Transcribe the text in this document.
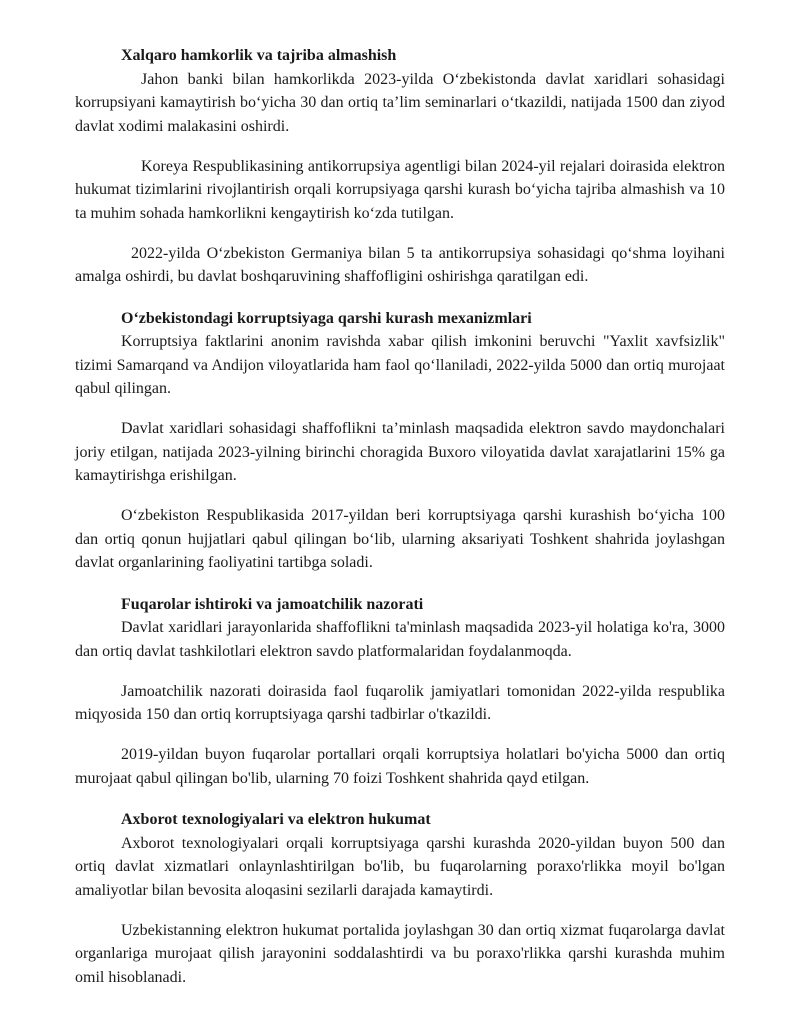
Xalqaro hamkorlik va tajriba almashish

Jahon banki bilan hamkorlikda 2023-yilda O‘zbekistonda davlat xaridlari sohasidagi korrupsiyani kamaytirish bo‘yicha 30 dan ortiq ta’lim seminarlari o‘tkazildi, natijada 1500 dan ziyod davlat xodimi malakasini oshirdi.

Koreya Respublikasining antikorrupsiya agentligi bilan 2024-yil rejalari doirasida elektron hukumat tizimlarini rivojlantirish orqali korrupsiyaga qarshi kurash bo‘yicha tajriba almashish va 10 ta muhim sohada hamkorlikni kengaytirish ko‘zda tutilgan.

2022-yilda O‘zbekiston Germaniya bilan 5 ta antikorrupsiya sohasidagi qo‘shma loyihani amalga oshirdi, bu davlat boshqaruvining shaffofligini oshirishga qaratilgan edi.

O‘zbekistondagi korruptsiyaga qarshi kurash mexanizmlari

Korruptsiya faktlarini anonim ravishda xabar qilish imkonini beruvchi "Yaxlit xavfsizlik" tizimi Samarqand va Andijon viloyatlarida ham faol qo‘llaniladi, 2022-yilda 5000 dan ortiq murojaat qabul qilingan.

Davlat xaridlari sohasidagi shaffoflikni ta’minlash maqsadida elektron savdo maydonchalari joriy etilgan, natijada 2023-yilning birinchi choragida Buxoro viloyatida davlat xarajatlarini 15% ga kamaytirishga erishilgan.

O‘zbekiston Respublikasida 2017-yildan beri korruptsiyaga qarshi kurashish bo‘yicha 100 dan ortiq qonun hujjatlari qabul qilingan bo‘lib, ularning aksariyati Toshkent shahrida joylashgan davlat organlarining faoliyatini tartibga soladi.

Fuqarolar ishtiroki va jamoatchilik nazorati

Davlat xaridlari jarayonlarida shaffoflikni ta'minlash maqsadida 2023-yil holatiga ko'ra, 3000 dan ortiq davlat tashkilotlari elektron savdo platformalaridan foydalanmoqda.

Jamoatchilik nazorati doirasida faol fuqarolik jamiyatlari tomonidan 2022-yilda respublika miqyosida 150 dan ortiq korruptsiyaga qarshi tadbirlar o'tkazildi.

2019-yildan buyon fuqarolar portallari orqali korruptsiya holatlari bo'yicha 5000 dan ortiq murojaat qabul qilingan bo'lib, ularning 70 foizi Toshkent shahrida qayd etilgan.

Axborot texnologiyalari va elektron hukumat

Axborot texnologiyalari orqali korruptsiyaga qarshi kurashda 2020-yildan buyon 500 dan ortiq davlat xizmatlari onlaynlashtirilgan bo'lib, bu fuqarolarning poraxo'rlikka moyil bo'lgan amaliyotlar bilan bevosita aloqasini sezilarli darajada kamaytirdi.

Uzbekistanning elektron hukumat portalida joylashgan 30 dan ortiq xizmat fuqarolarga davlat organlariga murojaat qilish jarayonini soddalashtirdi va bu poraxo'rlikka qarshi kurashda muhim omil hisoblanadi.
